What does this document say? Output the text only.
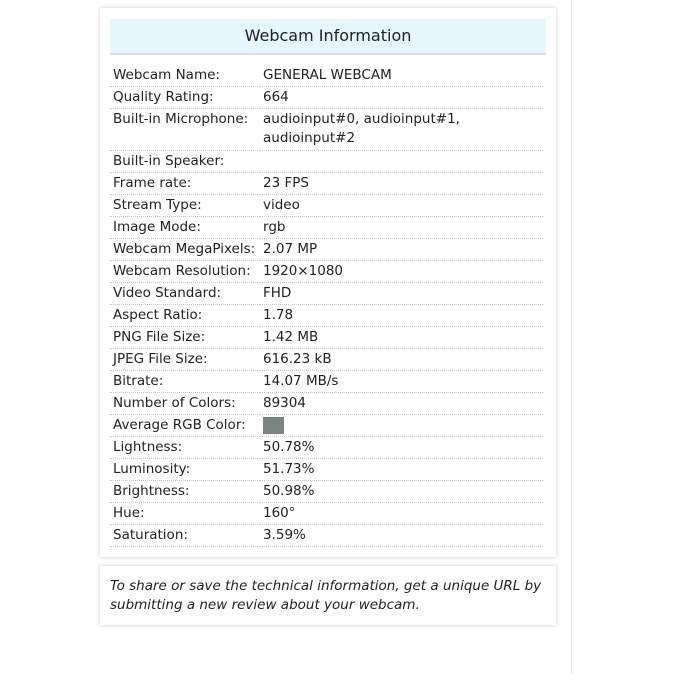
Webcam Information
Webcam Name:	GENERAL WEBCAM
Quality Rating:	664
Built-in Microphone:	audioinput#0, audioinput#1, audioinput#2
Built-in Speaker:	
Frame rate:	23 FPS
Stream Type:	video
Image Mode:	rgb
Webcam MegaPixels:	2.07 MP
Webcam Resolution:	1920×1080
Video Standard:	FHD
Aspect Ratio:	1.78
PNG File Size:	1.42 MB
JPEG File Size:	616.23 kB
Bitrate:	14.07 MB/s
Number of Colors:	89304
Average RGB Color:	
Lightness:	50.78%
Luminosity:	51.73%
Brightness:	50.98%
Hue:	160°
Saturation:	3.59%
To share or save the technical information, get a unique URL by submitting a new review about your webcam.
